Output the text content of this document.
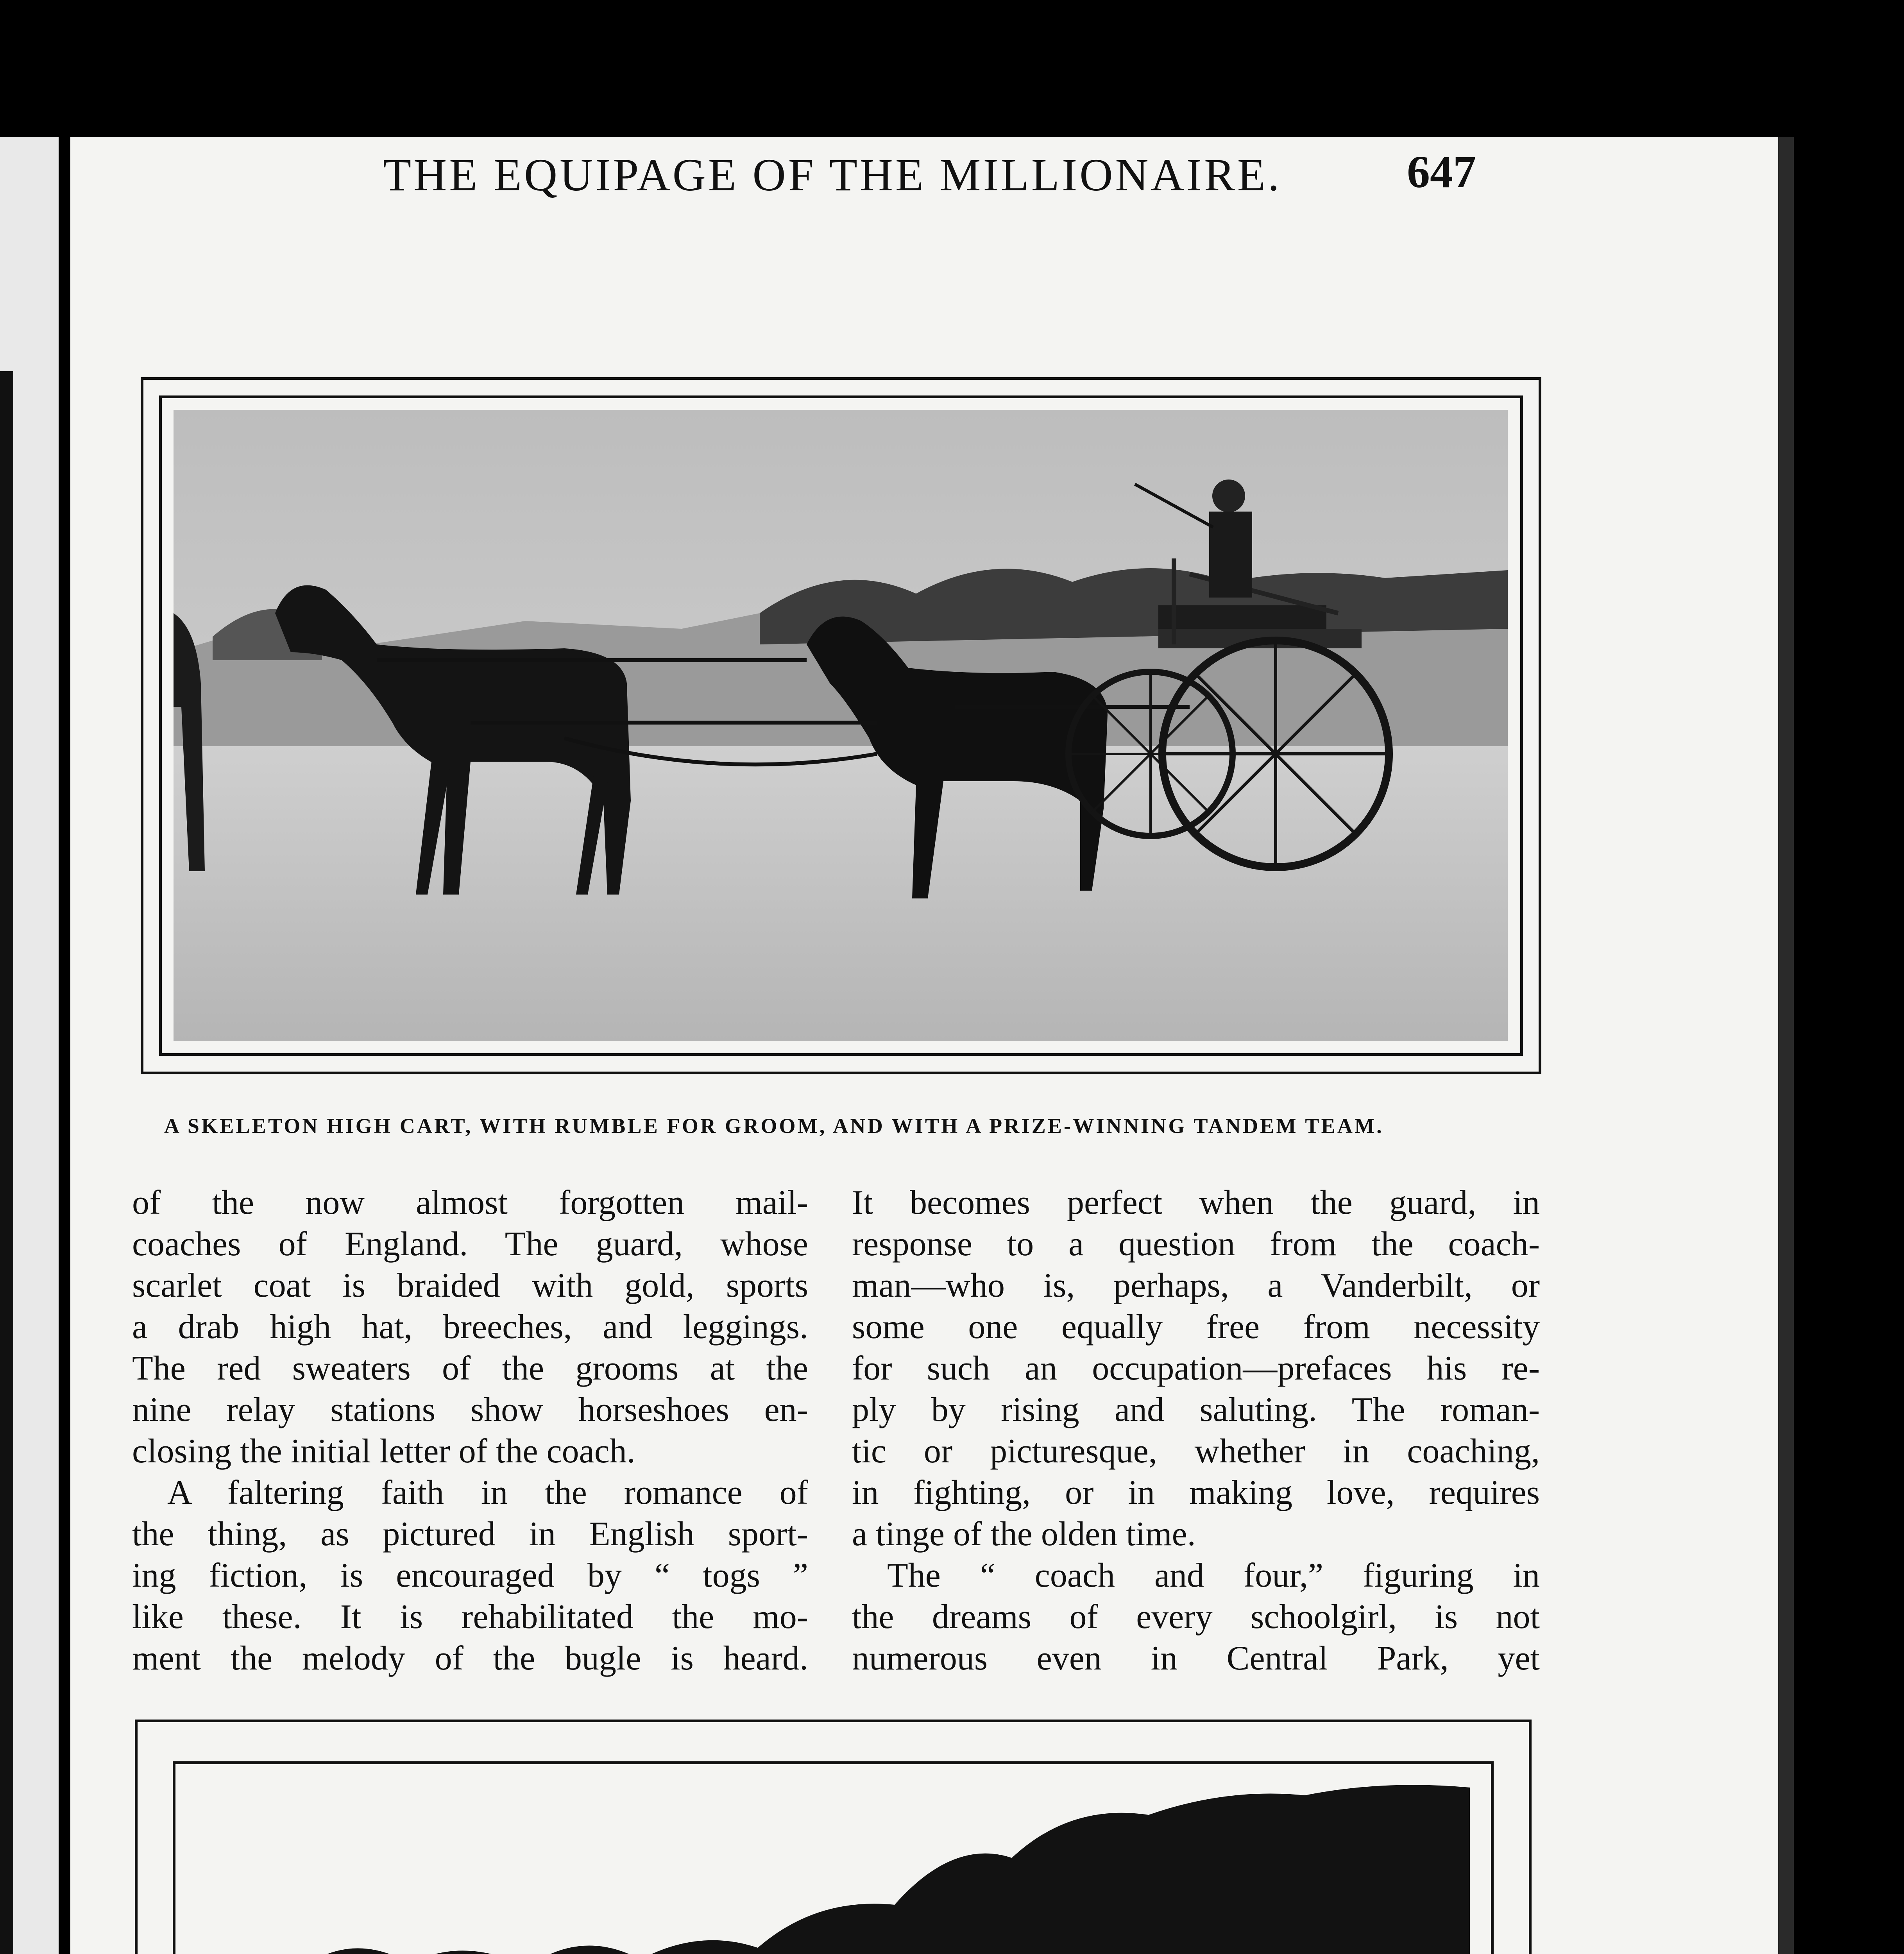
THE EQUIPAGE OF THE MILLIONAIRE.	647
A SKELETON HIGH CART, WITH RUMBLE FOR GROOM, AND WITH A PRIZE-WINNING TANDEM TEAM.
of the now almost forgotten mail-
coaches of England. The guard, whose
scarlet coat is braided with gold, sports
a drab high hat, breeches, and leggings.
The red sweaters of the grooms at the
nine relay stations show horseshoes en-
closing the initial letter of the coach.
A faltering faith in the romance of
the thing, as pictured in English sport-
ing fiction, is encouraged by “ togs ”
like these. It is rehabilitated the mo-
ment the melody of the bugle is heard.
It becomes perfect when the guard, in
response to a question from the coach-
man—who is, perhaps, a Vanderbilt, or
some one equally free from necessity
for such an occupation—prefaces his re-
ply by rising and saluting. The roman-
tic or picturesque, whether in coaching,
in fighting, or in making love, requires
a tinge of the olden time.
The “ coach and four,” figuring in
the dreams of every schoolgirl, is not
numerous even in Central Park, yet
